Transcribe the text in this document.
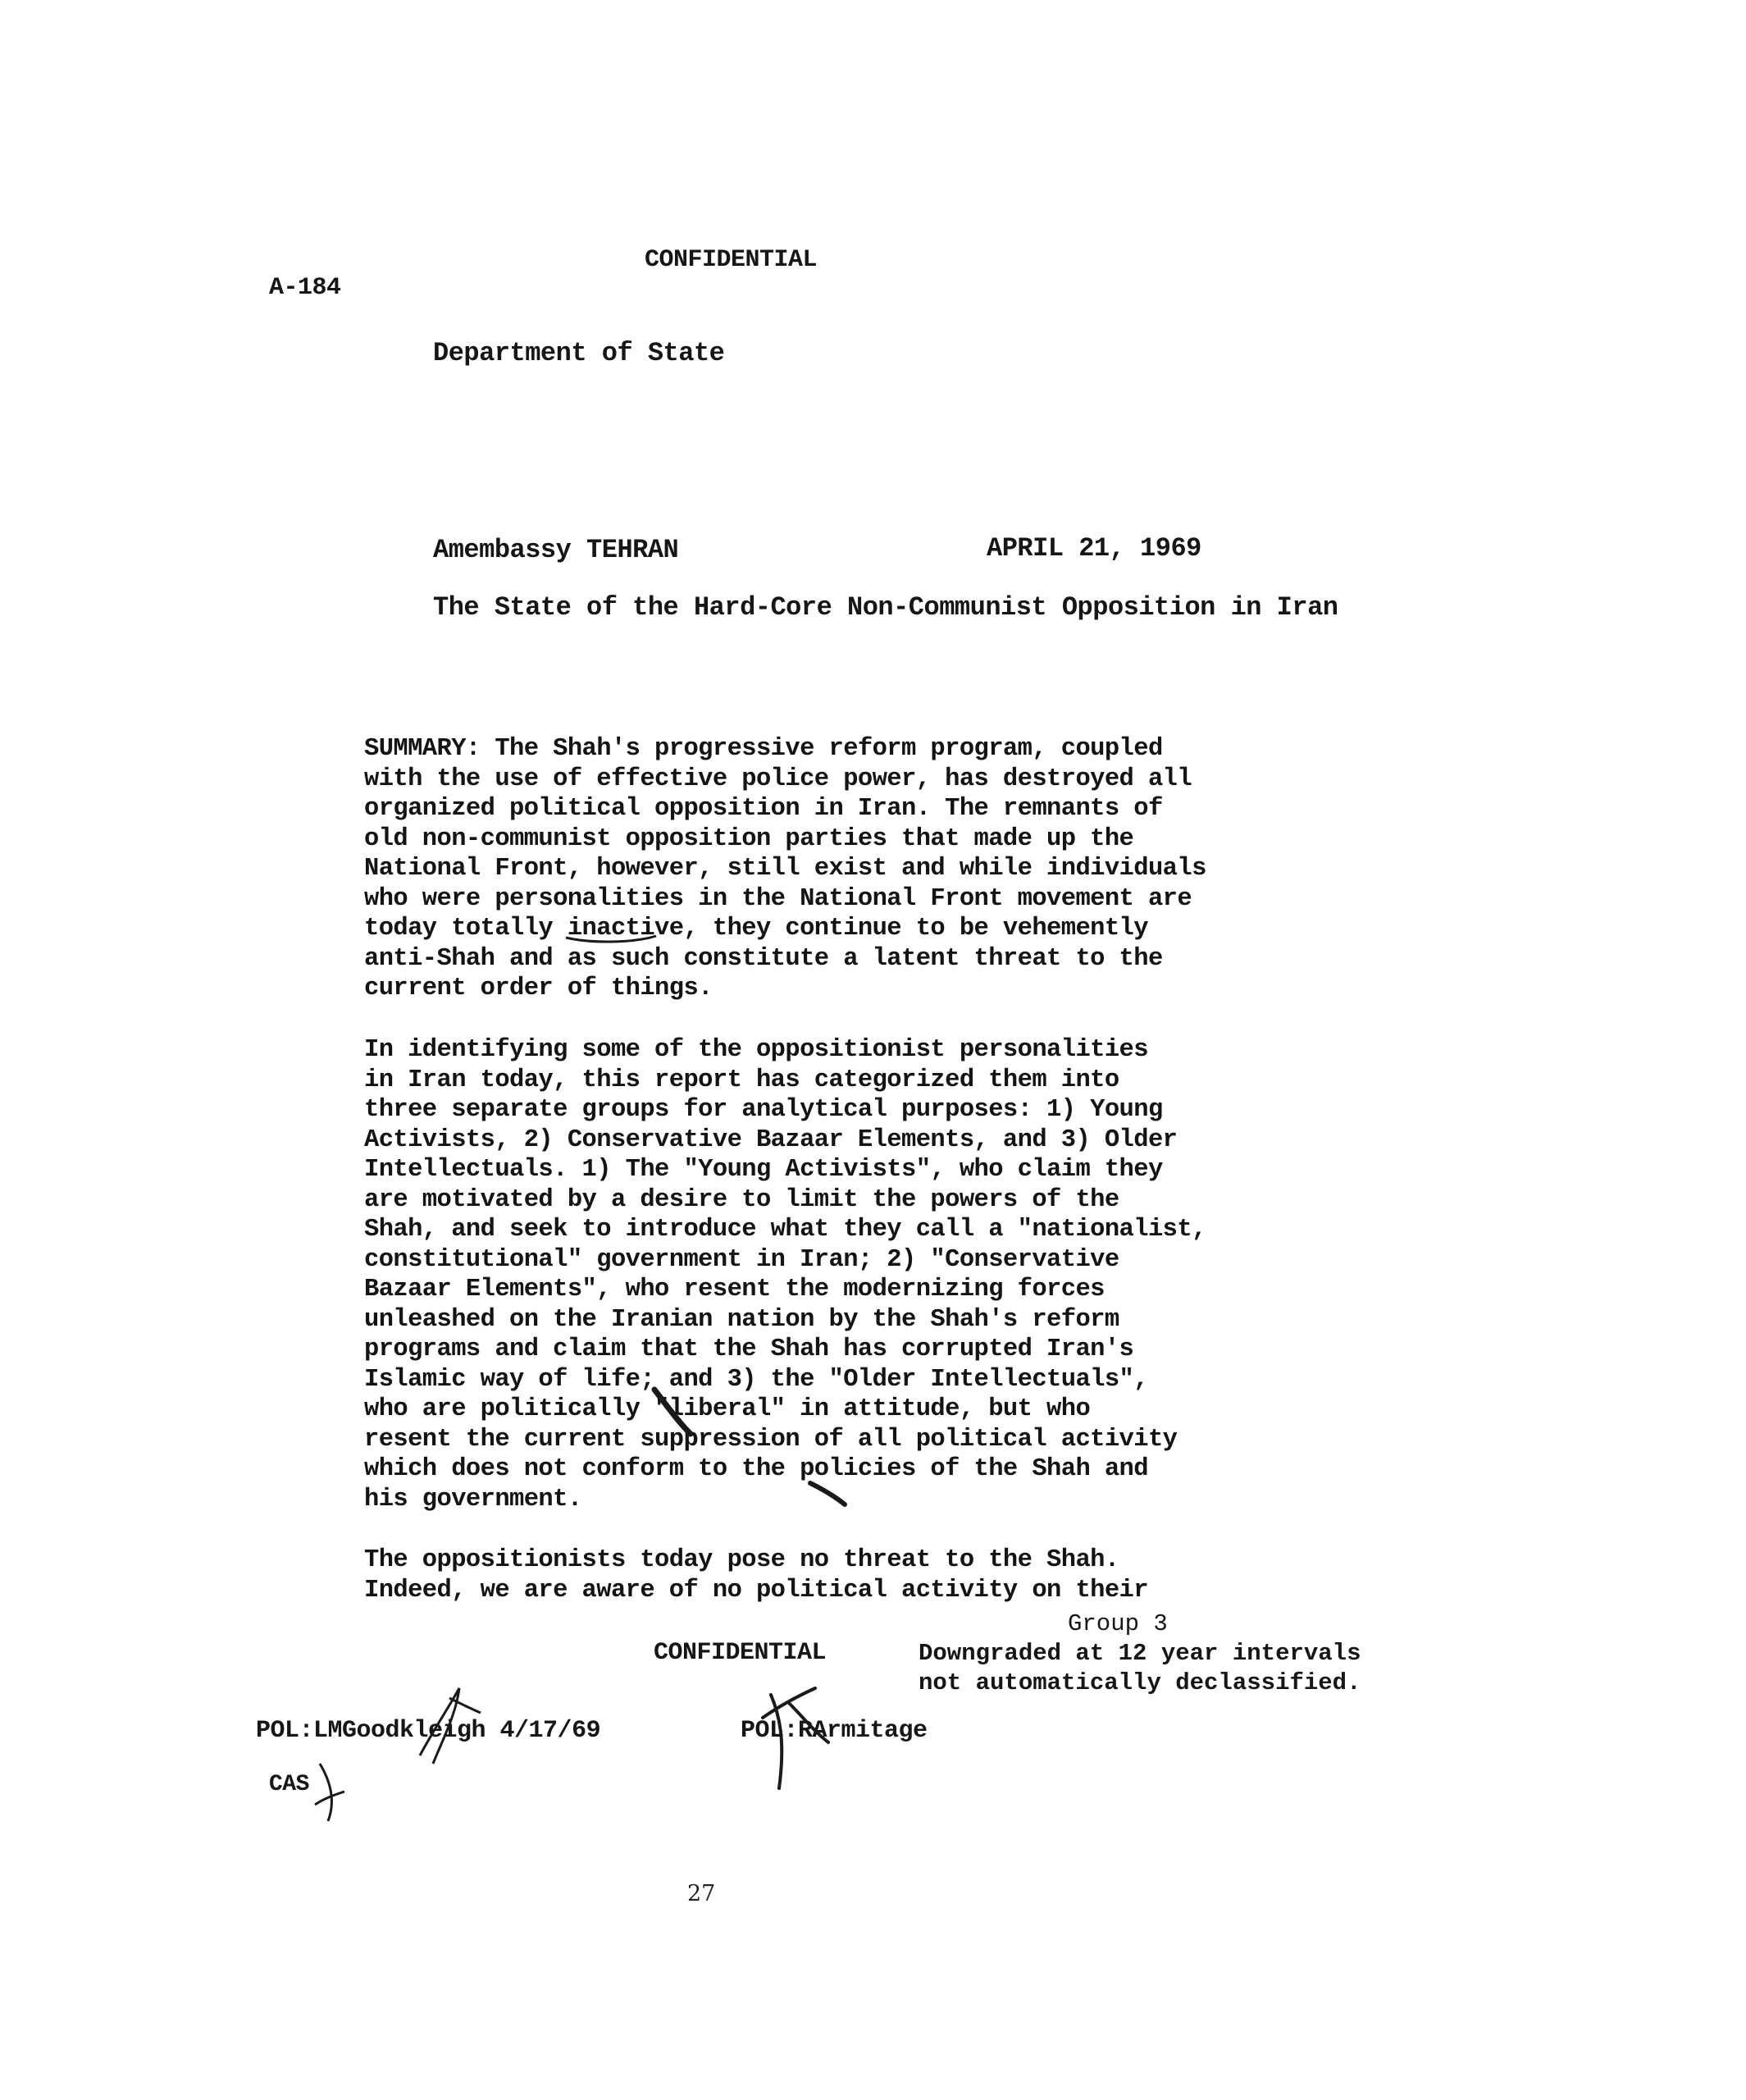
CONFIDENTIAL
A-184
Department of State
Amembassy TEHRAN	APRIL 21, 1969
The State of the Hard-Core Non-Communist Opposition in Iran
SUMMARY: The Shah's progressive reform program, coupled
with the use of effective police power, has destroyed all
organized political opposition in Iran. The remnants of
old non-communist opposition parties that made up the
National Front, however, still exist and while individuals
who were personalities in the National Front movement are
today totally inactive, they continue to be vehemently
anti-Shah and as such constitute a latent threat to the
current order of things.
In identifying some of the oppositionist personalities
in Iran today, this report has categorized them into
three separate groups for analytical purposes: 1) Young
Activists, 2) Conservative Bazaar Elements, and 3) Older
Intellectuals. 1) The "Young Activists", who claim they
are motivated by a desire to limit the powers of the
Shah, and seek to introduce what they call a "nationalist,
constitutional" government in Iran; 2) "Conservative
Bazaar Elements", who resent the modernizing forces
unleashed on the Iranian nation by the Shah's reform
programs and claim that the Shah has corrupted Iran's
Islamic way of life; and 3) the "Older Intellectuals",
who are politically "liberal" in attitude, but who
resent the current suppression of all political activity
which does not conform to the policies of the Shah and
his government.
The oppositionists today pose no threat to the Shah.
Indeed, we are aware of no political activity on their
Group 3
Downgraded at 12 year intervals
not automatically declassified.
CONFIDENTIAL
POL:LMGoodkleigh 4/17/69	POL:RArmitage
CAS
27
